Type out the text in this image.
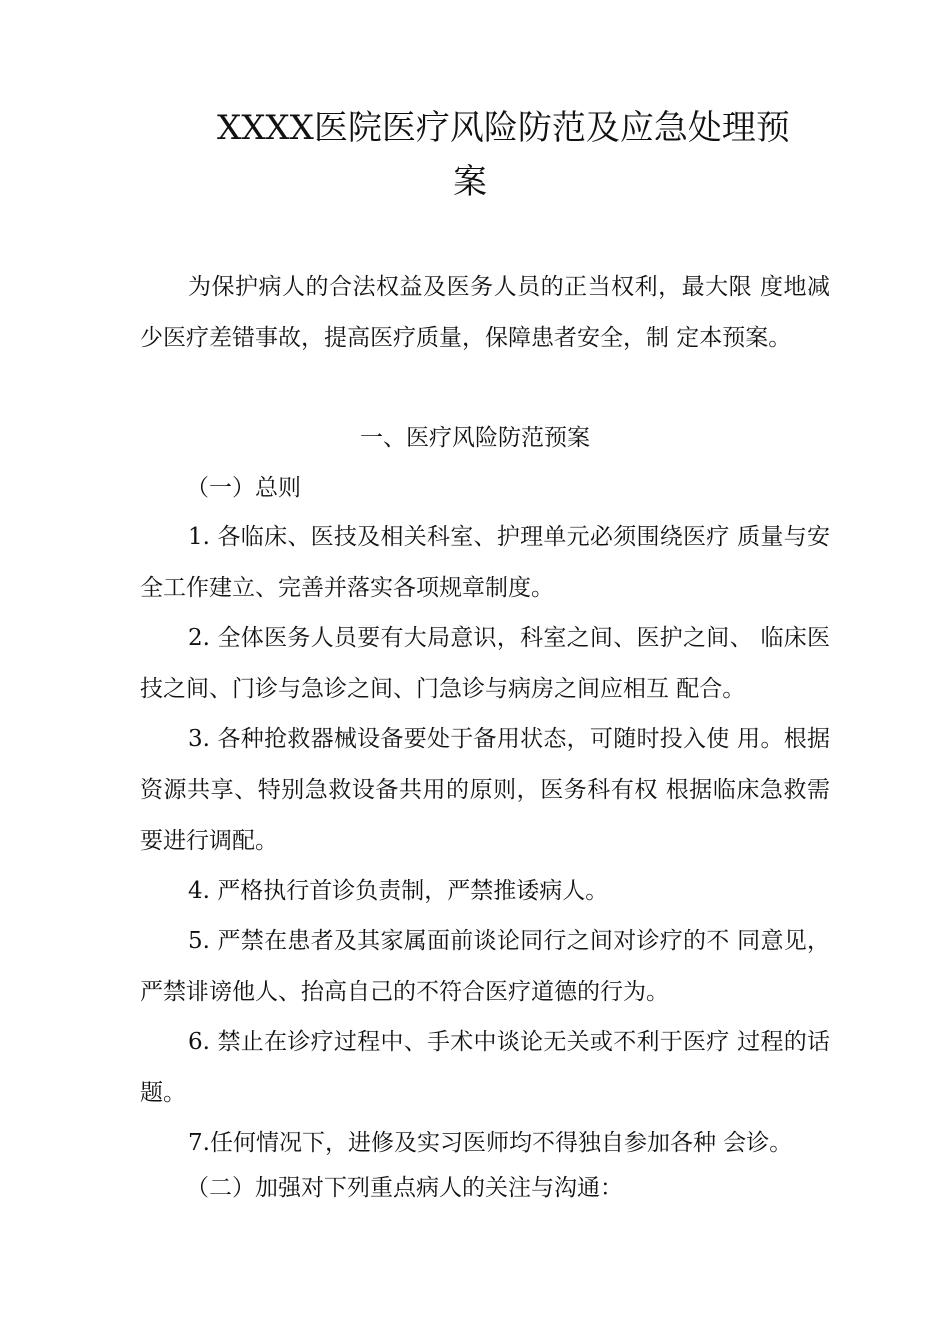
XXXX医院医疗风险防范及应急处理预
案
为保护病人的合法权益及医务人员的正当权利，最大限 度地减少医疗差错事故，提高医疗质量，保障患者安全，制 定本预案。
一、医疗风险防范预案
（一）总则
1. 各临床、医技及相关科室、护理单元必须围绕医疗 质量与安全工作建立、完善并落实各项规章制度。
2. 全体医务人员要有大局意识，科室之间、医护之间、 临床医技之间、门诊与急诊之间、门急诊与病房之间应相互 配合。
3. 各种抢救器械设备要处于备用状态，可随时投入使 用。根据资源共享、特别急救设备共用的原则，医务科有权 根据临床急救需要进行调配。
4. 严格执行首诊负责制，严禁推诿病人。
5. 严禁在患者及其家属面前谈论同行之间对诊疗的不 同意见，严禁诽谤他人、抬高自己的不符合医疗道德的行为。
6. 禁止在诊疗过程中、手术中谈论无关或不利于医疗 过程的话题。
7.任何情况下，进修及实习医师均不得独自参加各种 会诊。
（二）加强对下列重点病人的关注与沟通：
